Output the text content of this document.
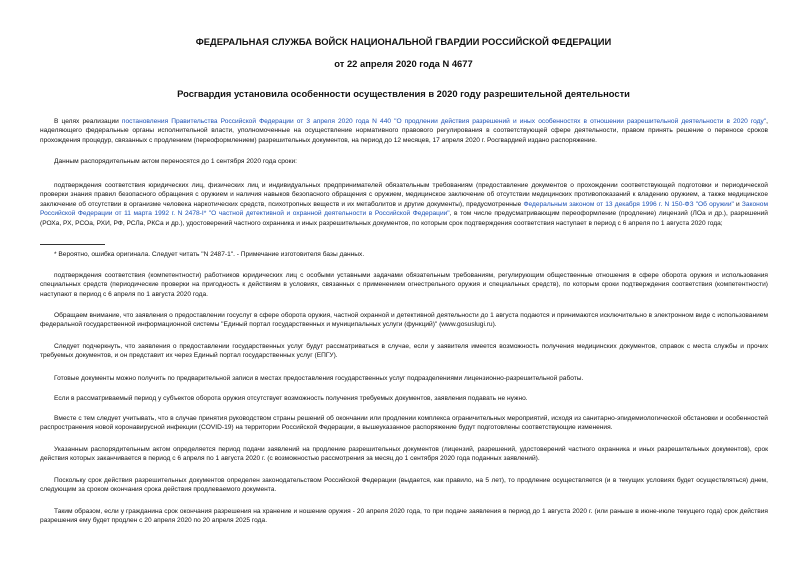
ФЕДЕРАЛЬНАЯ СЛУЖБА ВОЙСК НАЦИОНАЛЬНОЙ ГВАРДИИ РОССИЙСКОЙ ФЕДЕРАЦИИ
от 22 апреля 2020 года N 4677
Росгвардия установила особенности осуществления в 2020 году разрешительной деятельности
В целях реализации постановления Правительства Российской Федерации от 3 апреля 2020 года N 440 "О продлении действия разрешений и иных особенностях в отношении разрешительной деятельности в 2020 году", наделяющего федеральные органы исполнительной власти, уполномоченные на осуществление нормативного правового регулирования в соответствующей сфере деятельности, правом принять решение о переносе сроков прохождения процедур, связанных с продлением (переоформлением) разрешительных документов, на период до 12 месяцев, 17 апреля 2020 г. Росгвардией издано распоряжение.
Данным распорядительным актом переносятся до 1 сентября 2020 года сроки:
подтверждения соответствия юридических лиц, физических лиц и индивидуальных предпринимателей обязательным требованиям (предоставление документов о прохождении соответствующей подготовки и периодической проверки знания правил безопасного обращения с оружием и наличия навыков безопасного обращения с оружием, медицинское заключение об отсутствии медицинских противопоказаний к владению оружием, а также медицинское заключение об отсутствии в организме человека наркотических средств, психотропных веществ и их метаболитов и другие документы), предусмотренные Федеральным законом от 13 декабря 1996 г. N 150-ФЗ "Об оружии" и Законом Российской Федерации от 11 марта 1992 г. N 2478-I* "О частной детективной и охранной деятельности в Российской Федерации", в том числе предусматривающим переоформление (продление) лицензий (ЛОа и др.), разрешений (РОХа, РХ, РСОа, РХИ, РФ, РСЛа, РКСа и др.), удостоверений частного охранника и иных разрешительных документов, по которым срок подтверждения соответствия наступает в период с 6 апреля по 1 августа 2020 года;
* Вероятно, ошибка оригинала. Следует читать "N 2487-1". - Примечание изготовителя базы данных.
подтверждения соответствия (компетентности) работников юридических лиц с особыми уставными задачами обязательным требованиям, регулирующим общественные отношения в сфере оборота оружия и использования специальных средств (периодические проверки на пригодность к действиям в условиях, связанных с применением огнестрельного оружия и специальных средств), по которым сроки подтверждения соответствия (компетентности) наступают в период с 6 апреля по 1 августа 2020 года.
Обращаем внимание, что заявления о предоставлении госуслуг в сфере оборота оружия, частной охранной и детективной деятельности до 1 августа подаются и принимаются исключительно в электронном виде с использованием федеральной государственной информационной системы "Единый портал государственных и муниципальных услуги (функций)" (www.gosuslugi.ru).
Следует подчеркнуть, что заявления о предоставлении государственных услуг будут рассматриваться в случае, если у заявителя имеется возможность получения медицинских документов, справок с места службы и прочих требуемых документов, и он представит их через Единый портал государственных услуг (ЕПГУ).
Готовые документы можно получить по предварительной записи в местах предоставления государственных услуг подразделениями лицензионно-разрешительной работы.
Если в рассматриваемый период у субъектов оборота оружия отсутствует возможность получения требуемых документов, заявления подавать не нужно.
Вместе с тем следует учитывать, что в случае принятия руководством страны решений об окончании или продлении комплекса ограничительных мероприятий, исходя из санитарно-эпидемиологической обстановки и особенностей распространения новой коронавирусной инфекции (COVID-19) на территории Российской Федерации, в вышеуказанное распоряжение будут подготовлены соответствующие изменения.
Указанным распорядительным актом определяется период подачи заявлений на продление разрешительных документов (лицензий, разрешений, удостоверений частного охранника и иных разрешительных документов), срок действия которых заканчивается в период с 6 апреля по 1 августа 2020 г. (с возможностью рассмотрения за месяц до 1 сентября 2020 года поданных заявлений).
Поскольку срок действия разрешительных документов определен законодательством Российской Федерации (выдается, как правило, на 5 лет), то продление осуществляется (и в текущих условиях будет осуществляться) днем, следующим за сроком окончания срока действия продлеваемого документа.
Таким образом, если у гражданина срок окончания разрешения на хранение и ношение оружия - 20 апреля 2020 года, то при подаче заявления в период до 1 августа 2020 г. (или раньше в июне-июле текущего года) срок действия разрешения ему будет продлен с 20 апреля 2020 по 20 апреля 2025 года.
